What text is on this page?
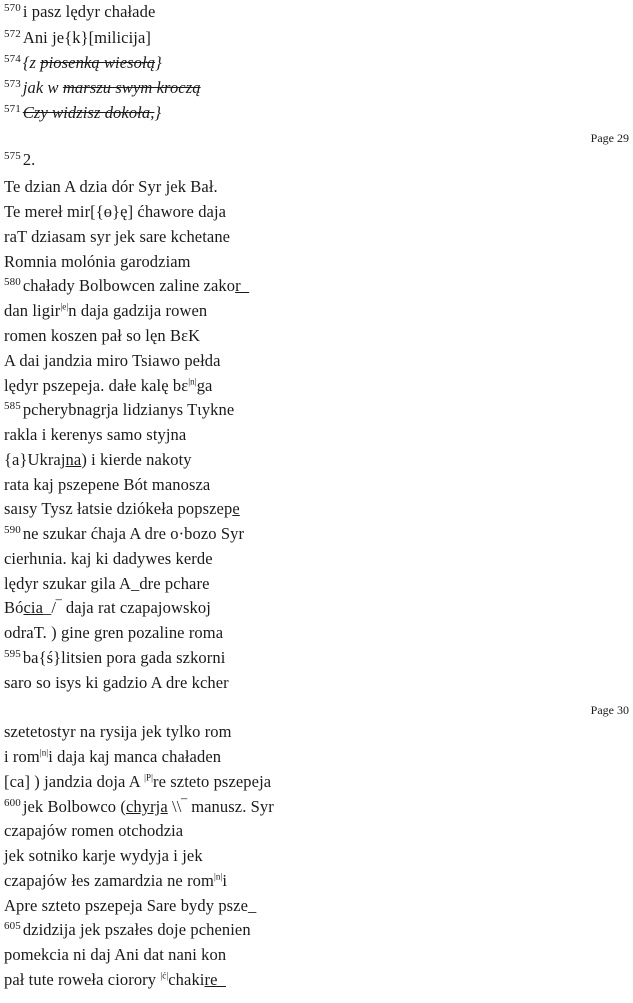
$^{570}$ i pasz lędyr chałade
$^{572}$ Ani je{k}[milicija]
$^{574}$ {z piosenką wiesołą}
$^{573}$ jak w marszu swym kroczą
$^{571}$ Czy widzisz dokoła,}
Page 29
$^{575}$ 2.
Te dzian A dzia dór Syr jek Bał.
Te mereł mir[{ɵ}ę] ćhawore daja
raT dziasam syr jek sare kchetane
Romnia molónia garodziam
$^{580}$ chałady Bolbowcen zaline zakor_
dan ligir$^{|e|}$n daja gadzija rowen
romen koszen pał so lęn BεK
A dai jandzia miro Tsiawo pełda
lędyr pszepeja. dałe kalę bɛ$^{|n|}$ga
$^{585}$ pcherybnagrja lidzianys Tιykne
rakla i kerenys samo styjna
{a}Ukrajna) i kierde nakoty
rata kaj pszepene Bót manosza
saısy Tysz łatsie dziókeła popszepe
$^{590}$ ne szukar ćhaja A dre o·bozo Syr
cierhιnia. kaj ki dadywes kerde
lędyr szukar gila A_dre pchare
Bócia_/‾ daja rat czapajowskoj
odraT. ) gine gren pozaline roma
$^{595}$ ba{ś}litsien pora gada szkorni
saro so isys ki gadzio A dre kcher
Page 30
szetetostyr na rysija jek tylko rom
i rom$^{|n|}$i daja kaj manca chaładen
[ca] ) jandzia doja A $^{|P|}$re szteto pszepeja
$^{600}$ jek Bolbowco (chyrja \\‾ manusz. Syr
czapajów romen otchodzia
jek sotniko karje wydyja i jek
czapajów łes zamardzia ne rom$^{|n|}$i
Apre szteto pszepeja Sare bydy psze_
$^{605}$ dzidzija jek pszałes doje pchenien
pomekcia ni daj Ani dat nani kon
pał tute roweła ciorory $^{|ć|}$chakire_
